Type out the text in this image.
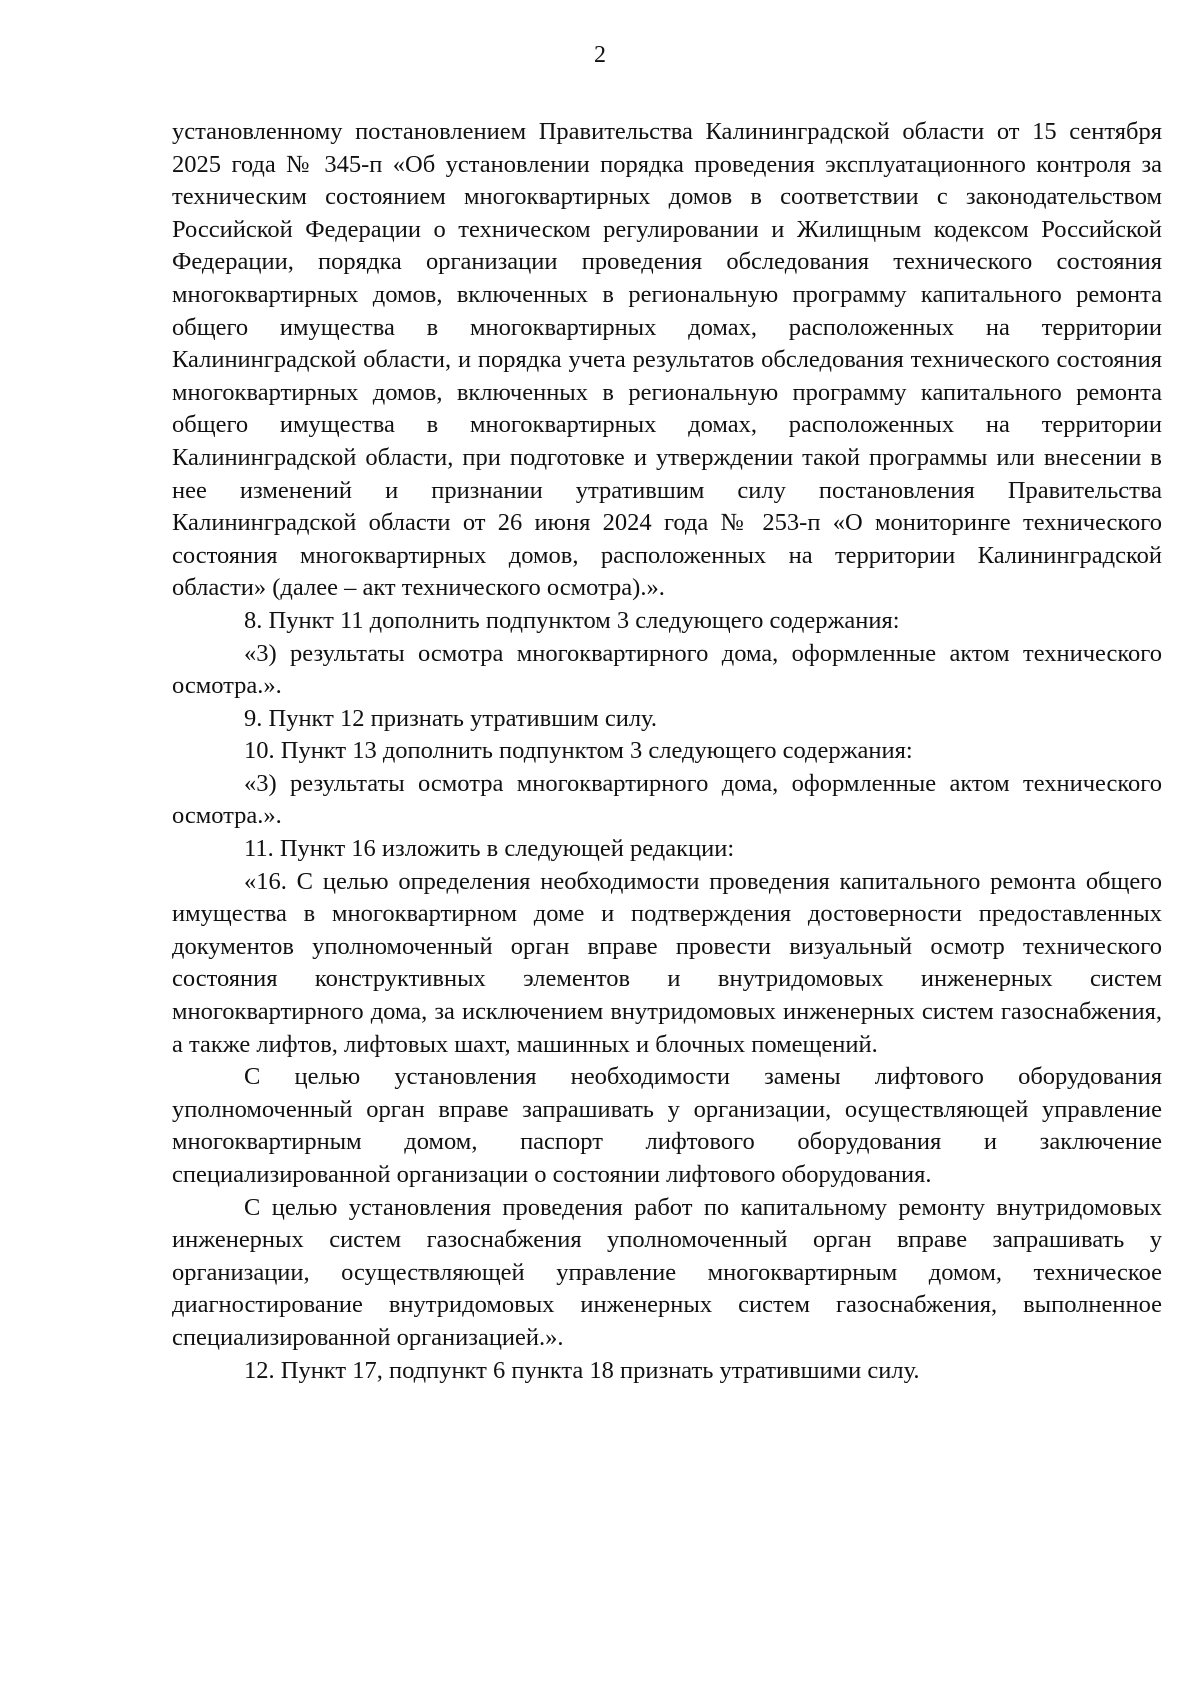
2

установленному постановлением Правительства Калининградской области от 15 сентября 2025 года № 345-п «Об установлении порядка проведения эксплуатационного контроля за техническим состоянием многоквартирных домов в соответствии с законодательством Российской Федерации о техническом регулировании и Жилищным кодексом Российской Федерации, порядка организации проведения обследования технического состояния многоквартирных домов, включенных в региональную программу капитального ремонта общего имущества в многоквартирных домах, расположенных на территории Калининградской области, и порядка учета результатов обследования технического состояния многоквартирных домов, включенных в региональную программу капитального ремонта общего имущества в многоквартирных домах, расположенных на территории Калининградской области, при подготовке и утверждении такой программы или внесении в нее изменений и признании утратившим силу постановления Правительства Калининградской области от 26 июня 2024 года № 253-п «О мониторинге технического состояния многоквартирных домов, расположенных на территории Калининградской области» (далее – акт технического осмотра).».

8. Пункт 11 дополнить подпунктом 3 следующего содержания:

«3) результаты осмотра многоквартирного дома, оформленные актом технического осмотра.».

9. Пункт 12 признать утратившим силу.

10. Пункт 13 дополнить подпунктом 3 следующего содержания:

«3) результаты осмотра многоквартирного дома, оформленные актом технического осмотра.».

11. Пункт 16 изложить в следующей редакции:

«16. С целью определения необходимости проведения капитального ремонта общего имущества в многоквартирном доме и подтверждения достоверности предоставленных документов уполномоченный орган вправе провести визуальный осмотр технического состояния конструктивных элементов и внутридомовых инженерных систем многоквартирного дома, за исключением внутридомовых инженерных систем газоснабжения, а также лифтов, лифтовых шахт, машинных и блочных помещений.

С целью установления необходимости замены лифтового оборудования уполномоченный орган вправе запрашивать у организации, осуществляющей управление многоквартирным домом, паспорт лифтового оборудования и заключение специализированной организации о состоянии лифтового оборудования.

С целью установления проведения работ по капитальному ремонту внутридомовых инженерных систем газоснабжения уполномоченный орган вправе запрашивать у организации, осуществляющей управление многоквартирным домом, техническое диагностирование внутридомовых инженерных систем газоснабжения, выполненное специализированной организацией.».

12. Пункт 17, подпункт 6 пункта 18 признать утратившими силу.
